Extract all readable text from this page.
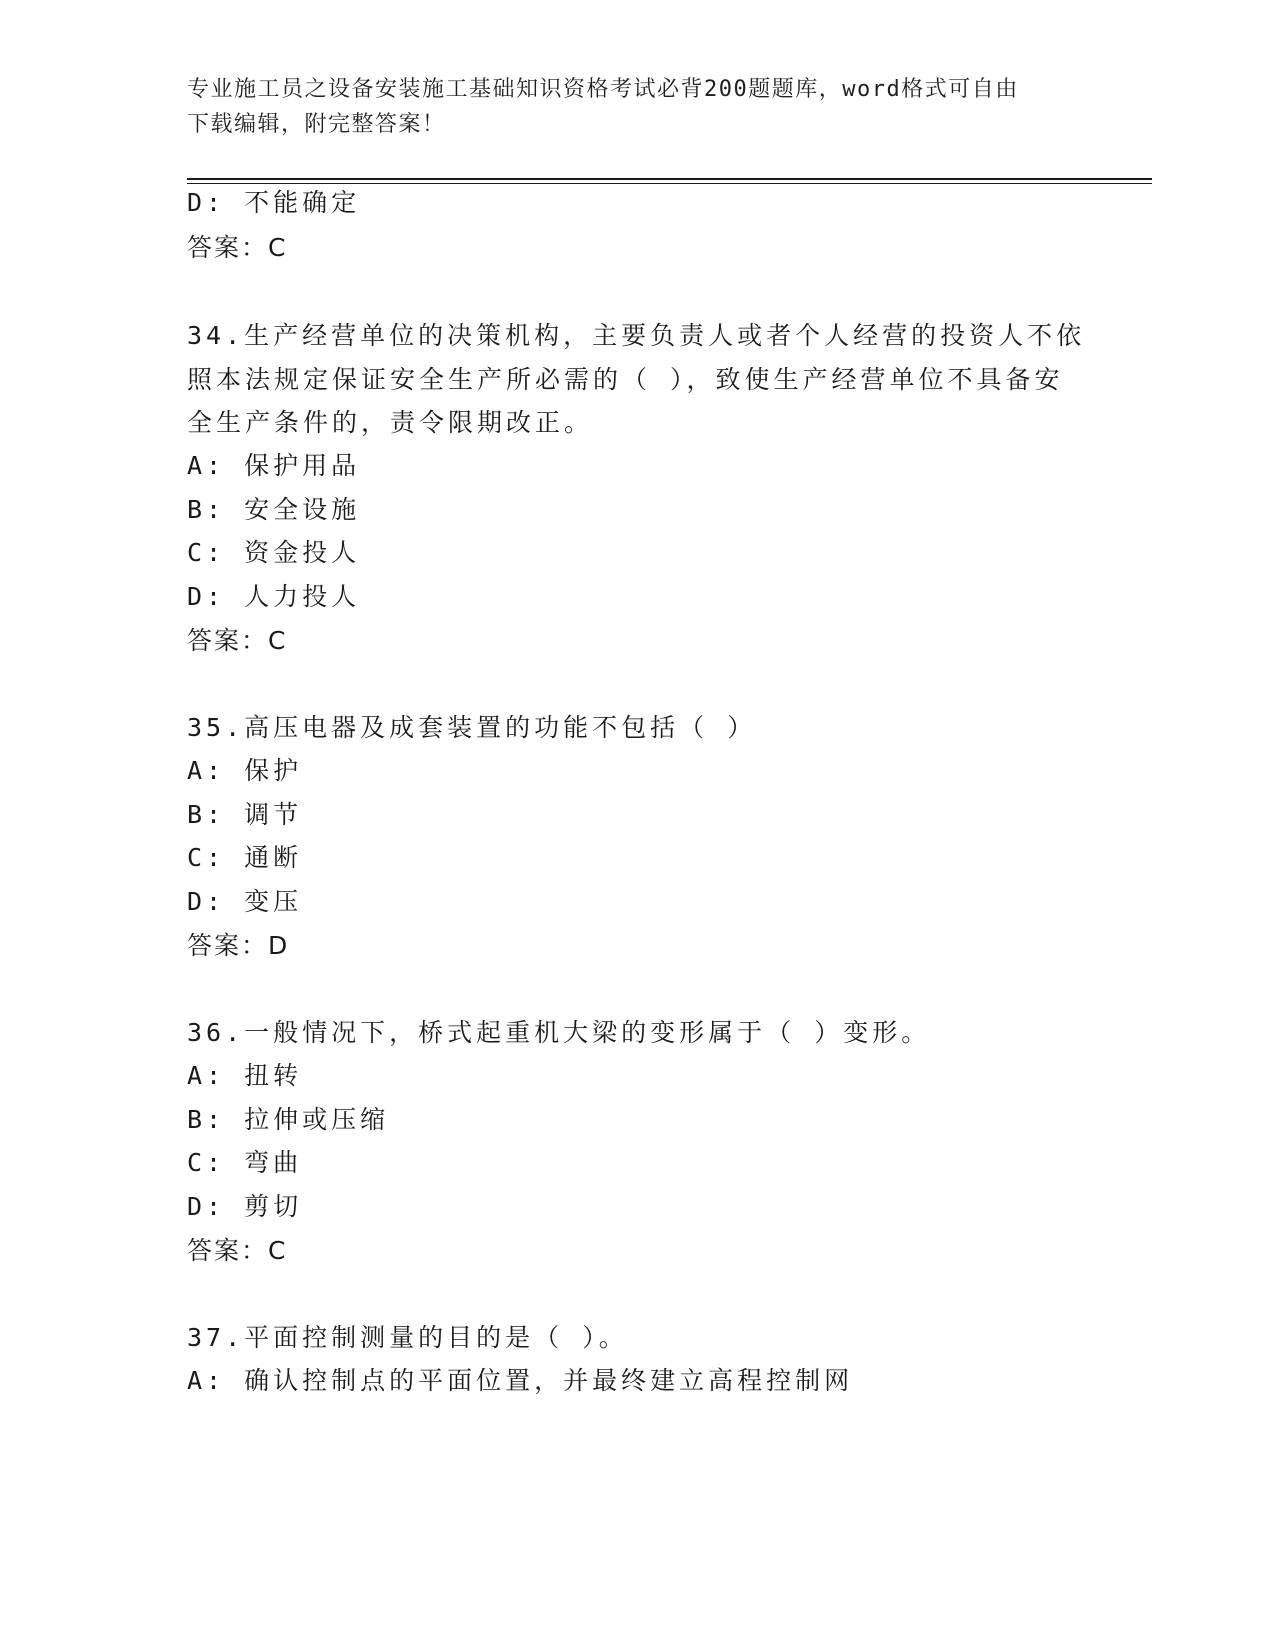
专业施工员之设备安装施工基础知识资格考试必背200题题库，word格式可自由
下载编辑，附完整答案！
D: 不能确定
答案：C
34.生产经营单位的决策机构，主要负责人或者个人经营的投资人不依
照本法规定保证安全生产所必需的（ ），致使生产经营单位不具备安
全生产条件的，责令限期改正。
A: 保护用品
B: 安全设施
C: 资金投人
D: 人力投人
答案：C
35.高压电器及成套装置的功能不包括（ ）
A: 保护
B: 调节
C: 通断
D: 变压
答案：D
36.一般情况下，桥式起重机大梁的变形属于（ ）变形。
A: 扭转
B: 拉伸或压缩
C: 弯曲
D: 剪切
答案：C
37.平面控制测量的目的是（ ）。
A: 确认控制点的平面位置，并最终建立高程控制网
